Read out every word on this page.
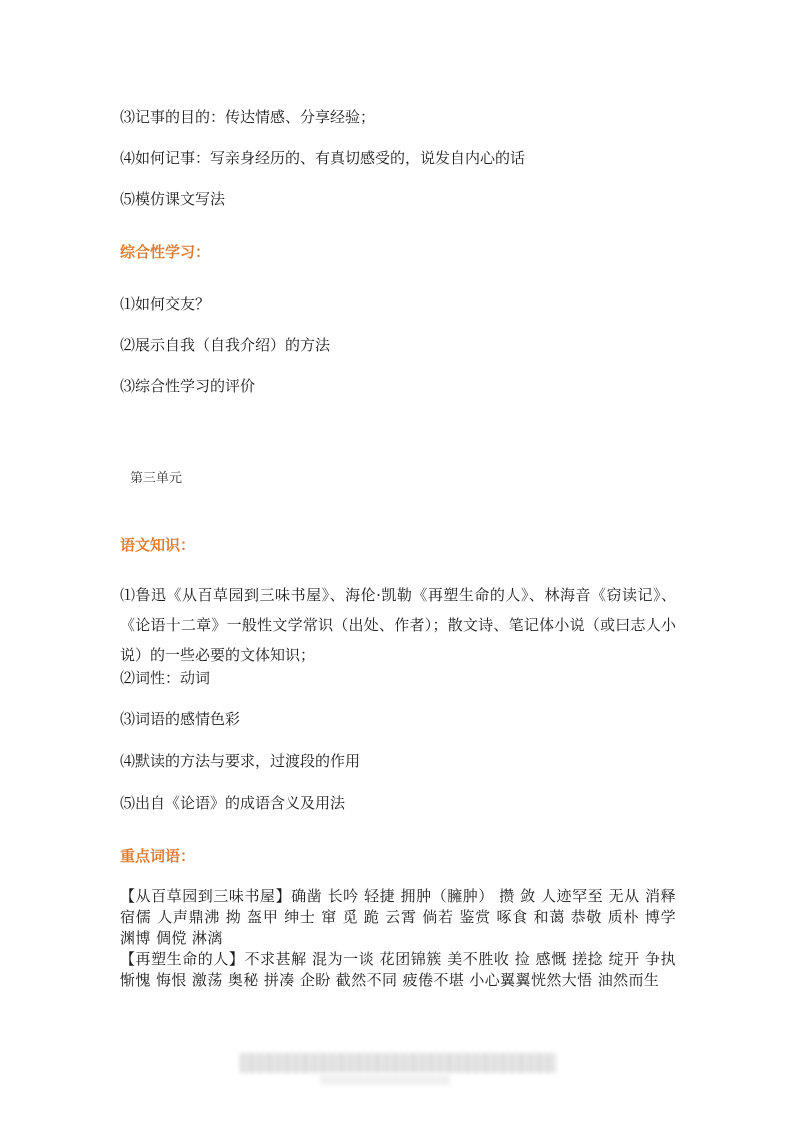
⑶记事的目的：传达情感、分享经验；
⑷如何记事：写亲身经历的、有真切感受的，说发自内心的话
⑸模仿课文写法
综合性学习：
⑴如何交友？
⑵展示自我（自我介绍）的方法
⑶综合性学习的评价
第三单元
语文知识：

⑴鲁迅《从百草园到三味书屋》、海伦·凯勒《再塑生命的人》、林海音《窃读记》、《论语十二章》一般性文学常识（出处、作者）；散文诗、笔记体小说（或曰志人小说）的一些必要的文体知识；

⑵词性：动词
⑶词语的感情色彩
⑷默读的方法与要求，过渡段的作用
⑸出自《论语》的成语含义及用法
重点词语：

【从百草园到三味书屋】确凿 长吟 轻捷 拥肿（臃肿） 攒 敛 人迹罕至 无从 消释 宿儒 人声鼎沸 拗 盔甲 绅士 窜 觅 跪 云霄 倘若 鉴赏 啄食 和蔼 恭敬 质朴 博学 渊博 倜傥 淋漓

【再塑生命的人】不求甚解 混为一谈 花团锦簇 美不胜收 捡 感慨 搓捻 绽开 争执 惭愧 悔恨 激荡 奥秘 拼凑 企盼 截然不同 疲倦不堪 小心翼翼恍然大悟 油然而生
